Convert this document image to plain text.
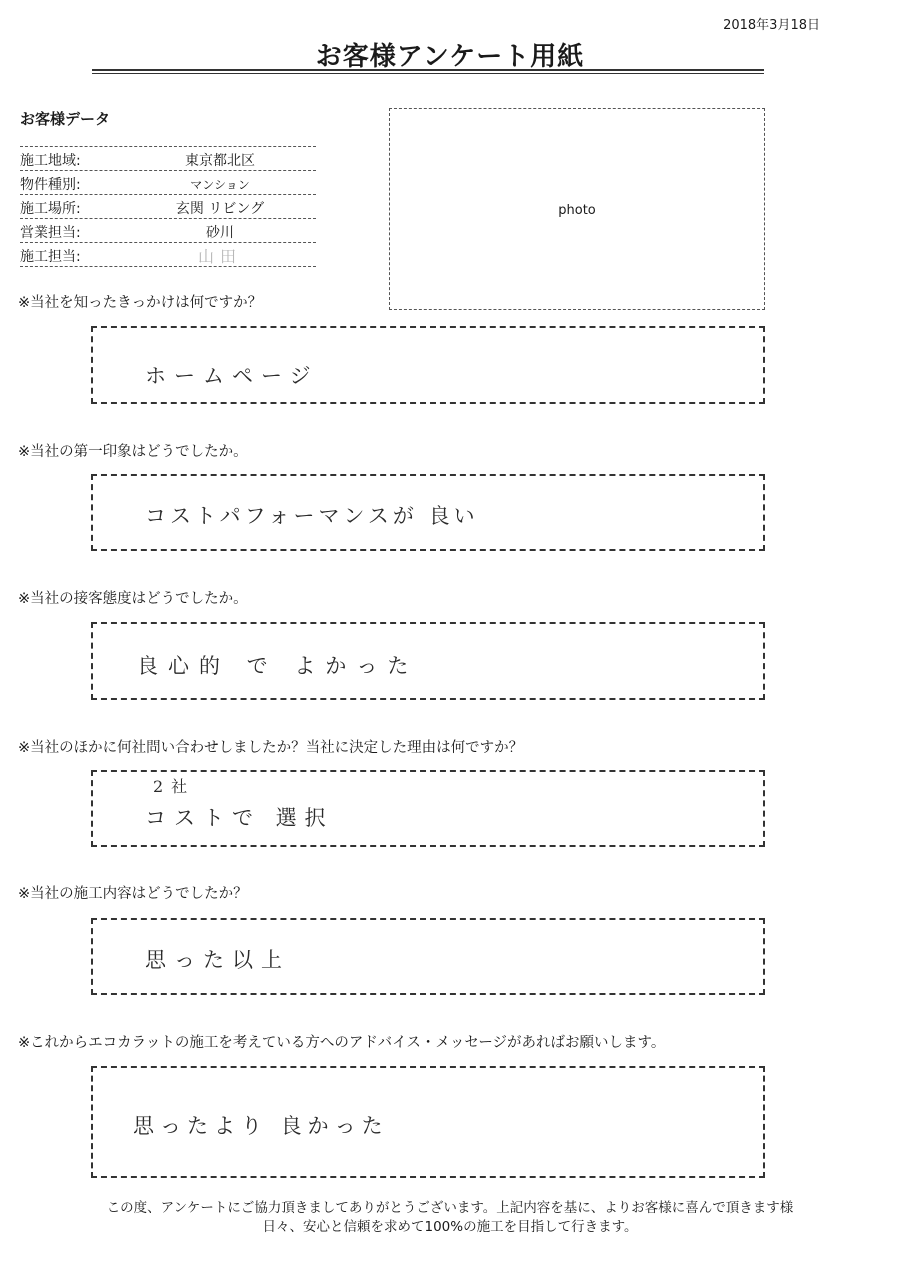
2018年3月18日
お客様アンケート用紙
お客様データ
施工地域:	東京都北区
物件種別:	マンション
施工場所:	玄関 リビング
営業担当:	砂川
施工担当:	山田
photo
※当社を知ったきっかけは何ですか？
ホームページ
※当社の第一印象はどうでしたか。
コストパフォーマンスが 良い
※当社の接客態度はどうでしたか。
良心的 で よかった
※当社のほかに何社問い合わせしましたか？当社に決定した理由は何ですか？
2社
コストで 選択
※当社の施工内容はどうでしたか？
思った以上
※これからエコカラットの施工を考えている方へのアドバイス・メッセージがあればお願いします。
思ったより 良かった
この度、アンケートにご協力頂きましてありがとうございます。上記内容を基に、よりお客様に喜んで頂きます様
日々、安心と信頼を求めて100%の施工を目指して行きます。
